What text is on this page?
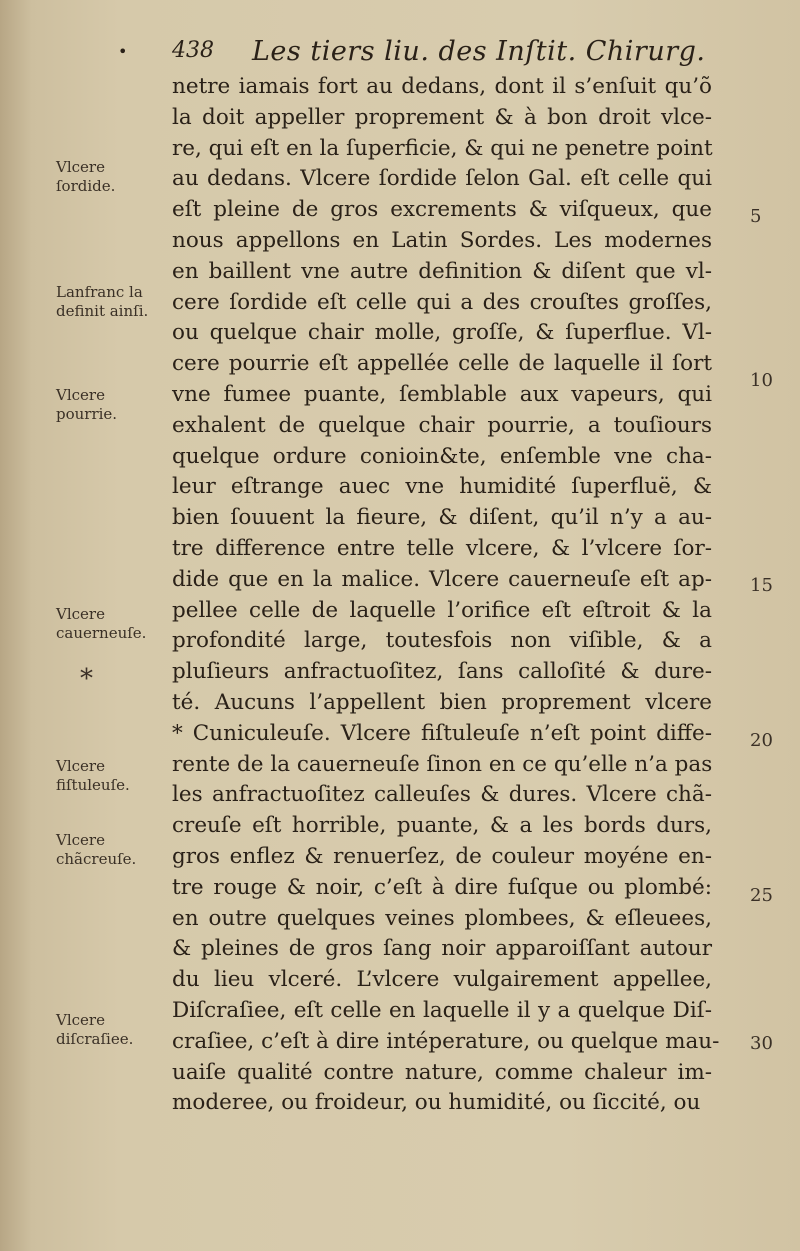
• 438 Les tiers liu. des Inſtit. Chirurg.
netre iamais fort au dedans, dont il s’enſuit qu’õ
la doit appeller proprement & à bon droit vlce-
re, qui eſt en la ſuperficie, & qui ne penetre point
au dedans. Vlcere ſordide ſelon Gal. eſt celle qui
eſt pleine de gros excrements & viſqueux, que
nous appellons en Latin Sordes. Les modernes
en baillent vne autre definition & diſent que vl-
cere ſordide eſt celle qui a des crouſtes groſſes,
ou quelque chair molle, groſſe, & ſuperflue. Vl-
cere pourrie eſt appellée celle de laquelle il ſort
vne fumee puante, ſemblable aux vapeurs, qui
exhalent de quelque chair pourrie, a touſiours
quelque ordure conioin&te, enſemble vne cha-
leur eſtrange auec vne humidité ſuperfluë, &
bien ſouuent la fieure, & diſent, qu’il n’y a au-
tre difference entre telle vlcere, & l’vlcere ſor-
dide que en la malice. Vlcere cauerneuſe eſt ap-
pellee celle de laquelle l’orifice eſt eſtroit & la
profondité large, toutesfois non viſible, & a
pluſieurs anfractuoſitez, ſans calloſité & dure-
té. Aucuns l’appellent bien proprement vlcere
* Cuniculeuſe. Vlcere fiſtuleuſe n’eſt point diffe-
rente de la cauerneuſe ſinon en ce qu’elle n’a pas
les anfractuoſitez calleuſes & dures. Vlcere chã-
creuſe eſt horrible, puante, & a les bords durs,
gros enflez & renuerſez, de couleur moyéne en-
tre rouge & noir, c’eſt à dire fuſque ou plombé:
en outre quelques veines plombees, & eſleuees,
& pleines de gros ſang noir apparoiſſant autour
du lieu vlceré. L’vlcere vulgairement appellee,
Diſcraſiee, eſt celle en laquelle il y a quelque Diſ-
craſiee, c’eſt à dire intéperature, ou quelque mau-
uaiſe qualité contre nature, comme chaleur im-
moderee, ou froideur, ou humidité, ou ſiccité, ou
Vlcere ſordide.
Lanfranc la definit ainſi.
Vlcere pourrie.
Vlcere cauerneuſe.
*
Vlcere fiſtuleuſe.
Vlcere chãcreuſe.
Vlcere diſcraſiee.
5
10
15
20
25
30
